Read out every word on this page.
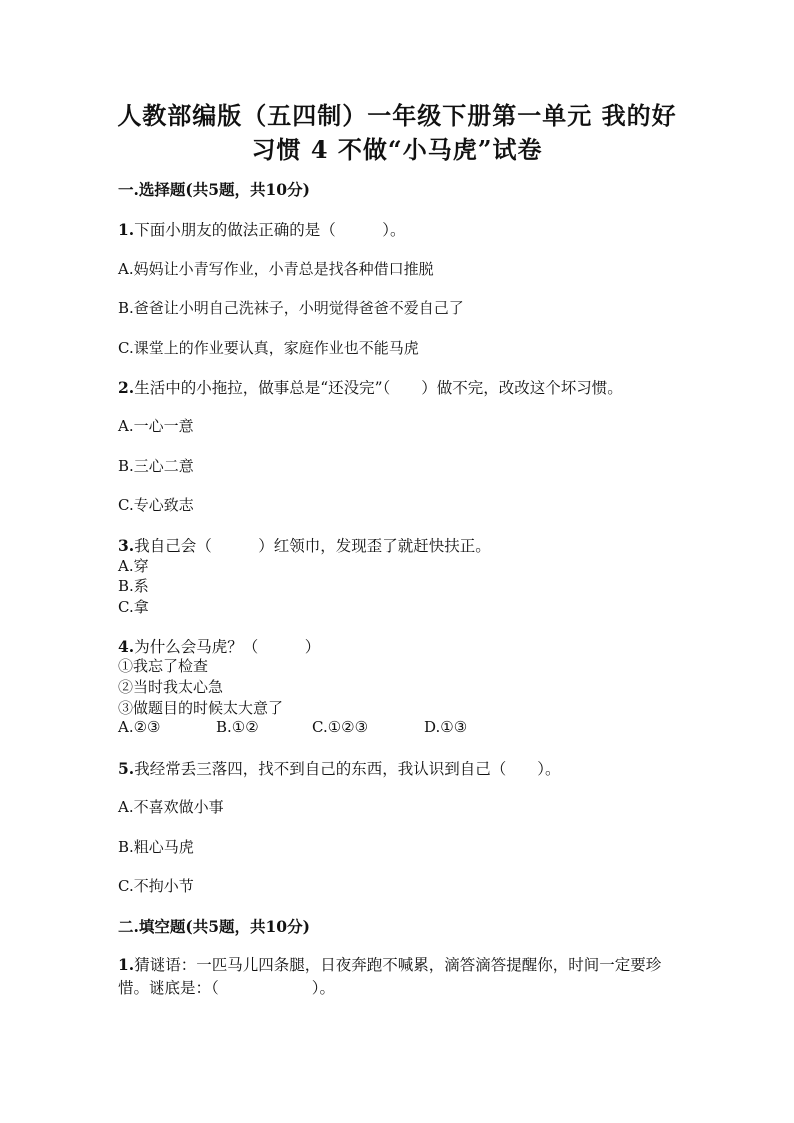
人教部编版（五四制）一年级下册第一单元 我的好
习惯 4 不做“小马虎”试卷
一.选择题(共5题，共10分)
1.下面小朋友的做法正确的是（　　　）。
A.妈妈让小青写作业，小青总是找各种借口推脱
B.爸爸让小明自己洗袜子，小明觉得爸爸不爱自己了
C.课堂上的作业要认真，家庭作业也不能马虎
2.生活中的小拖拉，做事总是“还没完”（　　）做不完，改改这个坏习惯。
A.一心一意
B.三心二意
C.专心致志
3.我自己会（　　　）红领巾，发现歪了就赶快扶正。
A.穿
B.系
C.拿
4.为什么会马虎？（　　　）
①我忘了检查
②当时我太心急
③做题目的时候太大意了
A.②③	B.①②	C.①②③	D.①③
5.我经常丢三落四，找不到自己的东西，我认识到自己（　　）。
A.不喜欢做小事
B.粗心马虎
C.不拘小节
二.填空题(共5题，共10分)
1.猜谜语：一匹马儿四条腿，日夜奔跑不喊累，滴答滴答提醒你，时间一定要珍惜。谜底是：（　　　　　　）。
